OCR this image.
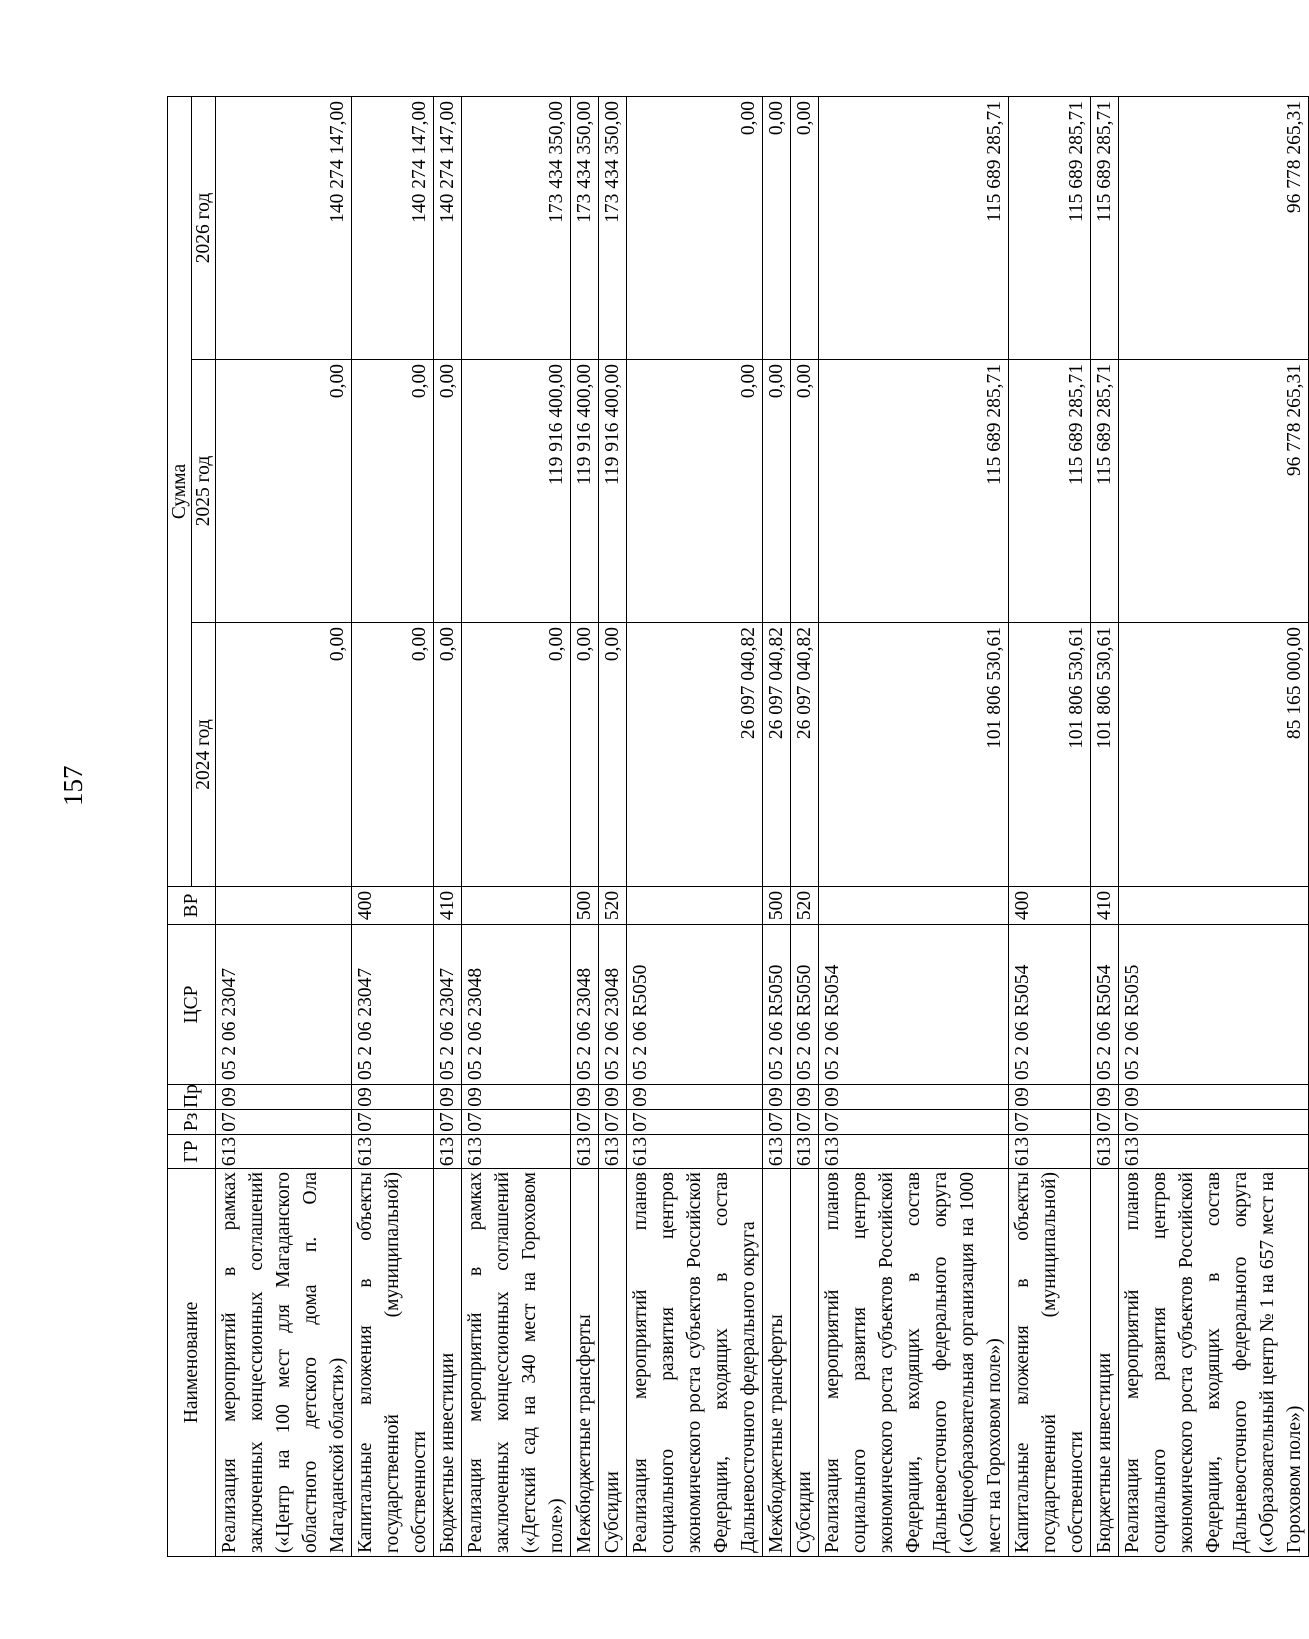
157
Наименование	ГР	Рз	Пр	ЦСР	ВР	Сумма		
						2024 год	2025 год	2026 год
Реализация мероприятий в рамках заключенных концессионных соглашений («Центр на 100 мест для Магаданского областного детского дома п. Ола Магаданской области»)	613	07	09	05 2 06 23047		0,00	0,00	140 274 147,00
Капитальные вложения в объекты государственной (муниципальной) собственности	613	07	09	05 2 06 23047	400	0,00	0,00	140 274 147,00
Бюджетные инвестиции	613	07	09	05 2 06 23047	410	0,00	0,00	140 274 147,00
Реализация мероприятий в рамках заключенных концессионных соглашений («Детский сад на 340 мест на Гороховом поле»)	613	07	09	05 2 06 23048		0,00	119 916 400,00	173 434 350,00
Межбюджетные трансферты	613	07	09	05 2 06 23048	500	0,00	119 916 400,00	173 434 350,00
Субсидии	613	07	09	05 2 06 23048	520	0,00	119 916 400,00	173 434 350,00
Реализация мероприятий планов социального развития центров экономического роста субъектов Российской Федерации, входящих в состав Дальневосточного федерального округа	613	07	09	05 2 06 R5050		26 097 040,82	0,00	0,00
Межбюджетные трансферты	613	07	09	05 2 06 R5050	500	26 097 040,82	0,00	0,00
Субсидии	613	07	09	05 2 06 R5050	520	26 097 040,82	0,00	0,00
Реализация мероприятий планов социального развития центров экономического роста субъектов Российской Федерации, входящих в состав Дальневосточного федерального округа («Общеобразовательная организация на 1000 мест на Гороховом поле»)	613	07	09	05 2 06 R5054		101 806 530,61	115 689 285,71	115 689 285,71
Капитальные вложения в объекты государственной (муниципальной) собственности	613	07	09	05 2 06 R5054	400	101 806 530,61	115 689 285,71	115 689 285,71
Бюджетные инвестиции	613	07	09	05 2 06 R5054	410	101 806 530,61	115 689 285,71	115 689 285,71
Реализация мероприятий планов социального развития центров экономического роста субъектов Российской Федерации, входящих в состав Дальневосточного федерального округа («Образовательный центр № 1 на 657 мест на Гороховом поле»)	613	07	09	05 2 06 R5055		85 165 000,00	96 778 265,31	96 778 265,31
